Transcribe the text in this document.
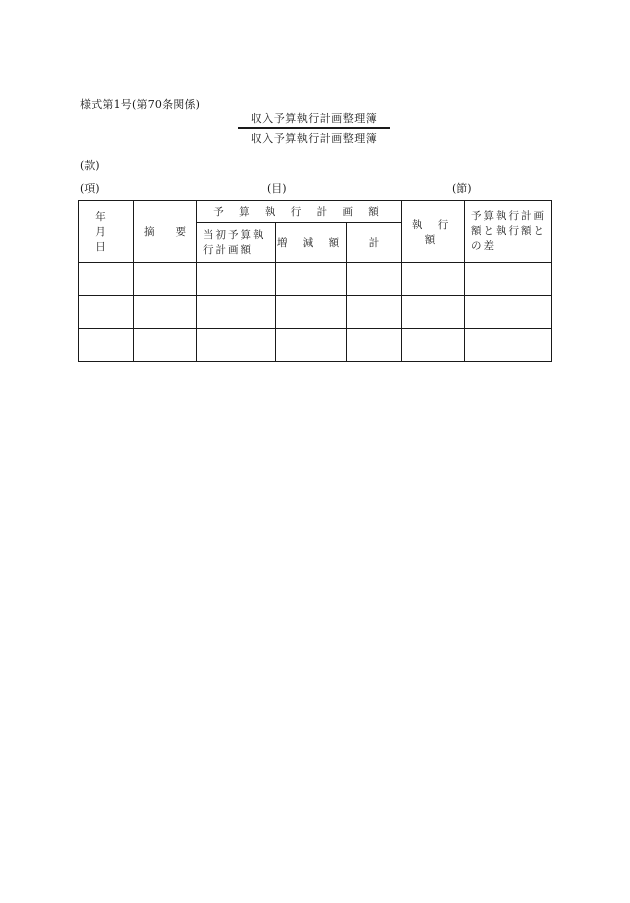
様式第1号(第70条関係)
収入予算執行計画整理簿
収入予算執行計画整理簿
(款)
(項)	(目)	(節)
年 月 日	摘　　要	予 算 執 行 計 画 額			執 行 額	予算執行計画額と執行額との差
		当初予算執行計画額	増 減 額	計		
